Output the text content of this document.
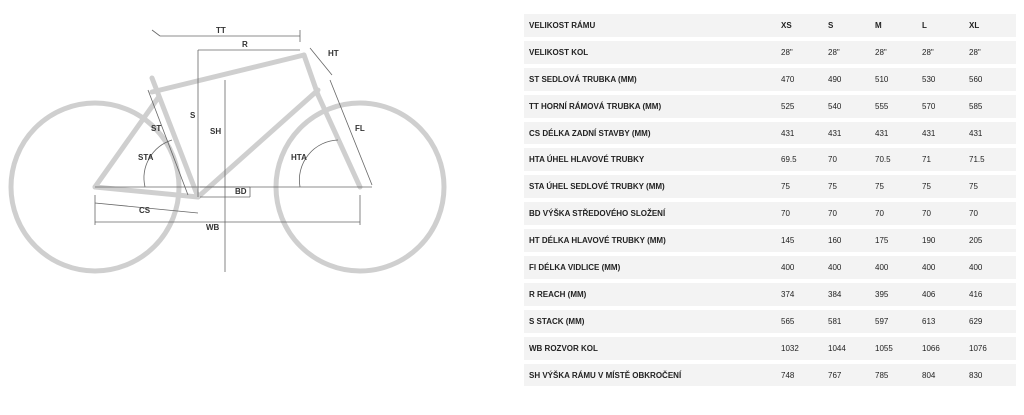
TT
R
HT
S
ST	SH	FL
STA	HTA
BD
CS
WB
VELIKOST RÁMU	XS	S	M	L	XL
VELIKOST KOL	28"	28"	28"	28"	28"
ST SEDLOVÁ TRUBKA (MM)	470	490	510	530	560
TT HORNÍ RÁMOVÁ TRUBKA (MM)	525	540	555	570	585
CS DÉLKA ZADNÍ STAVBY (MM)	431	431	431	431	431
HTA ÚHEL HLAVOVÉ TRUBKY	69.5	70	70.5	71	71.5
STA ÚHEL SEDLOVÉ TRUBKY (MM)	75	75	75	75	75
BD VÝŠKA STŘEDOVÉHO SLOŽENÍ	70	70	70	70	70
HT DÉLKA HLAVOVÉ TRUBKY (MM)	145	160	175	190	205
FI DÉLKA VIDLICE (MM)	400	400	400	400	400
R REACH (MM)	374	384	395	406	416
S STACK (MM)	565	581	597	613	629
WB ROZVOR KOL	1032	1044	1055	1066	1076
SH VÝŠKA RÁMU V MÍSTĚ OBKROČENÍ	748	767	785	804	830
